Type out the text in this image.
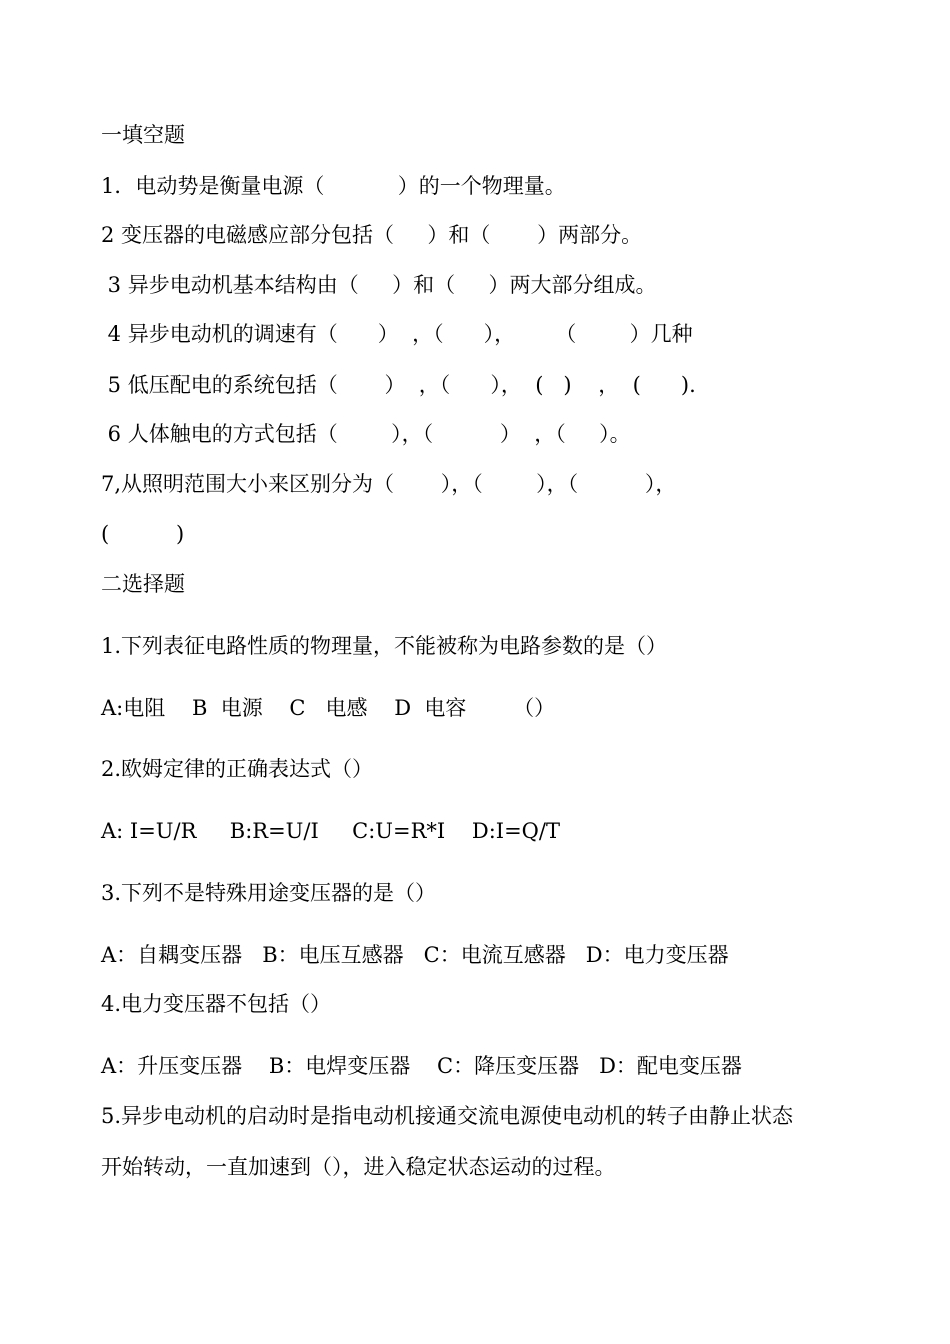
一填空题
1．电动势是衡量电源（           ）的一个物理量。
2 变压器的电磁感应部分包括（     ）和（       ）两部分。
3 异步电动机基本结构由（     ）和（     ）两大部分组成。
4 异步电动机的调速有（      ）  ，（      ），      （        ）几种
5 低压配电的系统包括（       ）  ，（      ），  (   )    ，  (      ).
6 人体触电的方式包括（        ），（          ）  ，（     ）。
7,从照明范围大小来区别分为（       ），（        ），（          ），
(          )
二选择题
1.下列表征电路性质的物理量，不能被称为电路参数的是（）
A:电阻    B  电源    C   电感    D  电容       （）
2.欧姆定律的正确表达式（）
A: I=U/R     B:R=U/I     C:U=R*I    D:I=Q/T
3.下列不是特殊用途变压器的是（）
A：自耦变压器   B：电压互感器   C：电流互感器   D：电力变压器
4.电力变压器不包括（）
A：升压变压器    B：电焊变压器    C：降压变压器   D：配电变压器
5.异步电动机的启动时是指电动机接通交流电源使电动机的转子由静止状态
开始转动，一直加速到（），进入稳定状态运动的过程。
